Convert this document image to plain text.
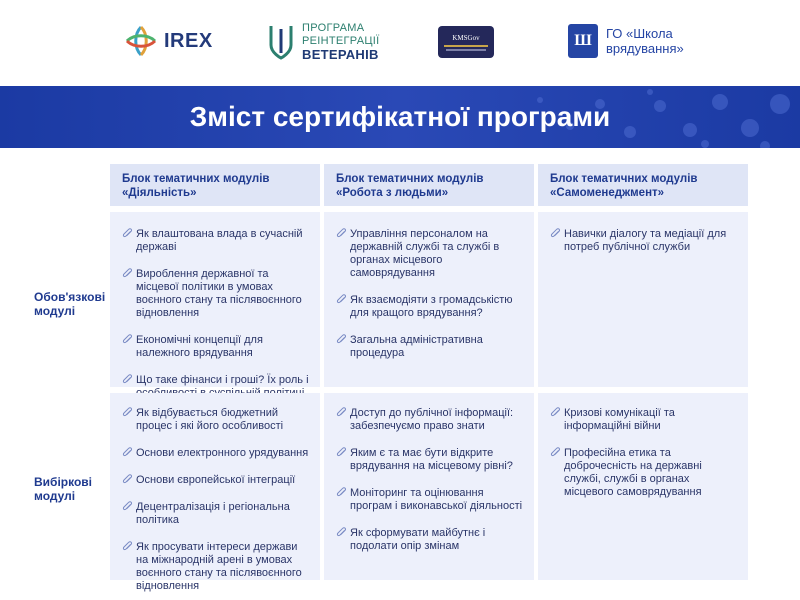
IREX
ПРОГРАМА
РЕІНТЕГРАЦІЇ
ВЕТЕРАНІВ
KMSGov	Ш	ГО «Школа
врядування»
Зміст сертифікатної програми
Блок тематичних модулів
«Діяльність»
Блок тематичних модулів
«Робота з людьми»
Блок тематичних модулів
«Самоменеджмент»
Обов'язкові
модулі
Вибіркові
модулі
Як влаштована влада в сучасній державі
Вироблення державної та місцевої політики в умовах воєнного стану та післявоєнного відновлення
Економічні концепції для належного врядування
Що таке фінанси і гроші? Їх роль і
Управління персоналом на державній службі та службі в органах місцевого самоврядування
Як взаємодіяти з громадськістю для кращого врядування?
Загальна адміністративна процедура
Навички діалогу та медіації для потреб публічної служби
Як відбувається бюджетний процес і які його особливості
Основи електронного урядування
Основи європейської інтеграції
Децентралізація і регіональна політика
Як просувати інтереси держави на міжнародній арені в умовах воєнного стану та післявоєнного відновлення
Доступ до публічної інформації: забезпечуємо право знати
Яким є та має бути відкрите врядування на місцевому рівні?
Моніторинг та оцінювання програм і виконавської діяльності
Як сформувати майбутнє і подолати опір змінам
Кризові комунікації та інформаційні війни
Професійна етика та доброчесність на державні службі, службі в органах місцевого самоврядування
